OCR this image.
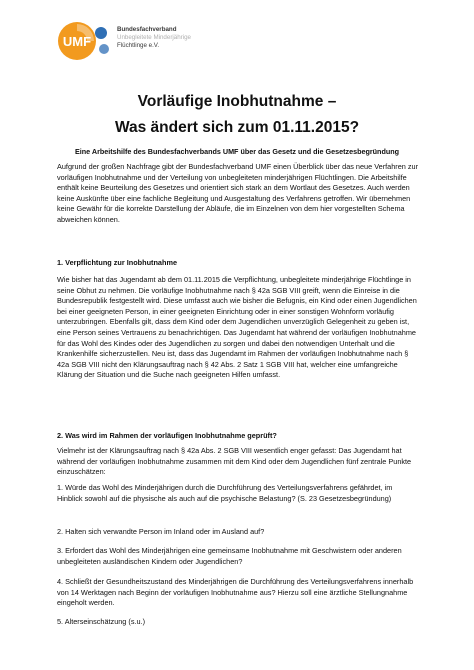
UMF
Bundesfachverband
Unbegleitete Minderjährige
Flüchtlinge e.V.
Vorläufige Inobhutnahme –
Was ändert sich zum 01.11.2015?
Eine Arbeitshilfe des Bundesfachverbands UMF über das Gesetz und die Gesetzesbegründung

Aufgrund der großen Nachfrage gibt der Bundesfachverband UMF einen Überblick über das neue Verfahren zur vorläufigen Inobhutnahme und der Verteilung von unbegleiteten minderjährigen Flüchtlingen. Die Arbeitshilfe enthält keine Beurteilung des Gesetzes und orientiert sich stark an dem Wortlaut des Gesetzes. Auch werden keine Auskünfte über eine fachliche Begleitung und Ausgestaltung des Verfahrens getroffen. Wir übernehmen keine Gewähr für die korrekte Darstellung der Abläufe, die im Einzelnen von dem hier vorgestellten Schema abweichen können.

1. Verpflichtung zur Inobhutnahme

Wie bisher hat das Jugendamt ab dem 01.11.2015 die Verpflichtung, unbegleitete minderjährige Flüchtlinge in seine Obhut zu nehmen. Die vorläufige Inobhutnahme nach § 42a SGB VIII greift, wenn die Einreise in die Bundesrepublik festgestellt wird. Diese umfasst auch wie bisher die Befugnis, ein Kind oder einen Jugendlichen bei einer geeigneten Person, in einer geeigneten Einrichtung oder in einer sonstigen Wohnform vorläufig unterzubringen. Ebenfalls gilt, dass dem Kind oder dem Jugendlichen unverzüglich Gelegenheit zu geben ist, eine Person seines Vertrauens zu benachrichtigen. Das Jugendamt hat während der vorläufigen Inobhutnahme für das Wohl des Kindes oder des Jugendlichen zu sorgen und dabei den notwendigen Unterhalt und die Krankenhilfe sicherzustellen. Neu ist, dass das Jugendamt im Rahmen der vorläufigen Inobhutnahme nach § 42a SGB VIII nicht den Klärungsauftrag nach § 42 Abs. 2 Satz 1 SGB VIII hat, welcher eine umfangreiche Klärung der Situation und die Suche nach geeigneten Hilfen umfasst.

2. Was wird im Rahmen der vorläufigen Inobhutnahme geprüft?

Vielmehr ist der Klärungsauftrag nach § 42a Abs. 2 SGB VIII wesentlich enger gefasst: Das Jugendamt hat während der vorläufigen Inobhutnahme zusammen mit dem Kind oder dem Jugendlichen fünf zentrale Punkte einzuschätzen:

1. Würde das Wohl des Minderjährigen durch die Durchführung des Verteilungsverfahrens gefährdet, im Hinblick sowohl auf die physische als auch auf die psychische Belastung? (S. 23 Gesetzesbegründung)

2. Halten sich verwandte Person im Inland oder im Ausland auf?

3. Erfordert das Wohl des Minderjährigen eine gemeinsame Inobhutnahme mit Geschwistern oder anderen unbegleiteten ausländischen Kindern oder Jugendlichen?

4. Schließt der Gesundheitszustand des Minderjährigen die Durchführung des Verteilungsverfahrens innerhalb von 14 Werktagen nach Beginn der vorläufigen Inobhutnahme aus? Hierzu soll eine ärztliche Stellungnahme eingeholt werden.

5. Alterseinschätzung (s.u.)
